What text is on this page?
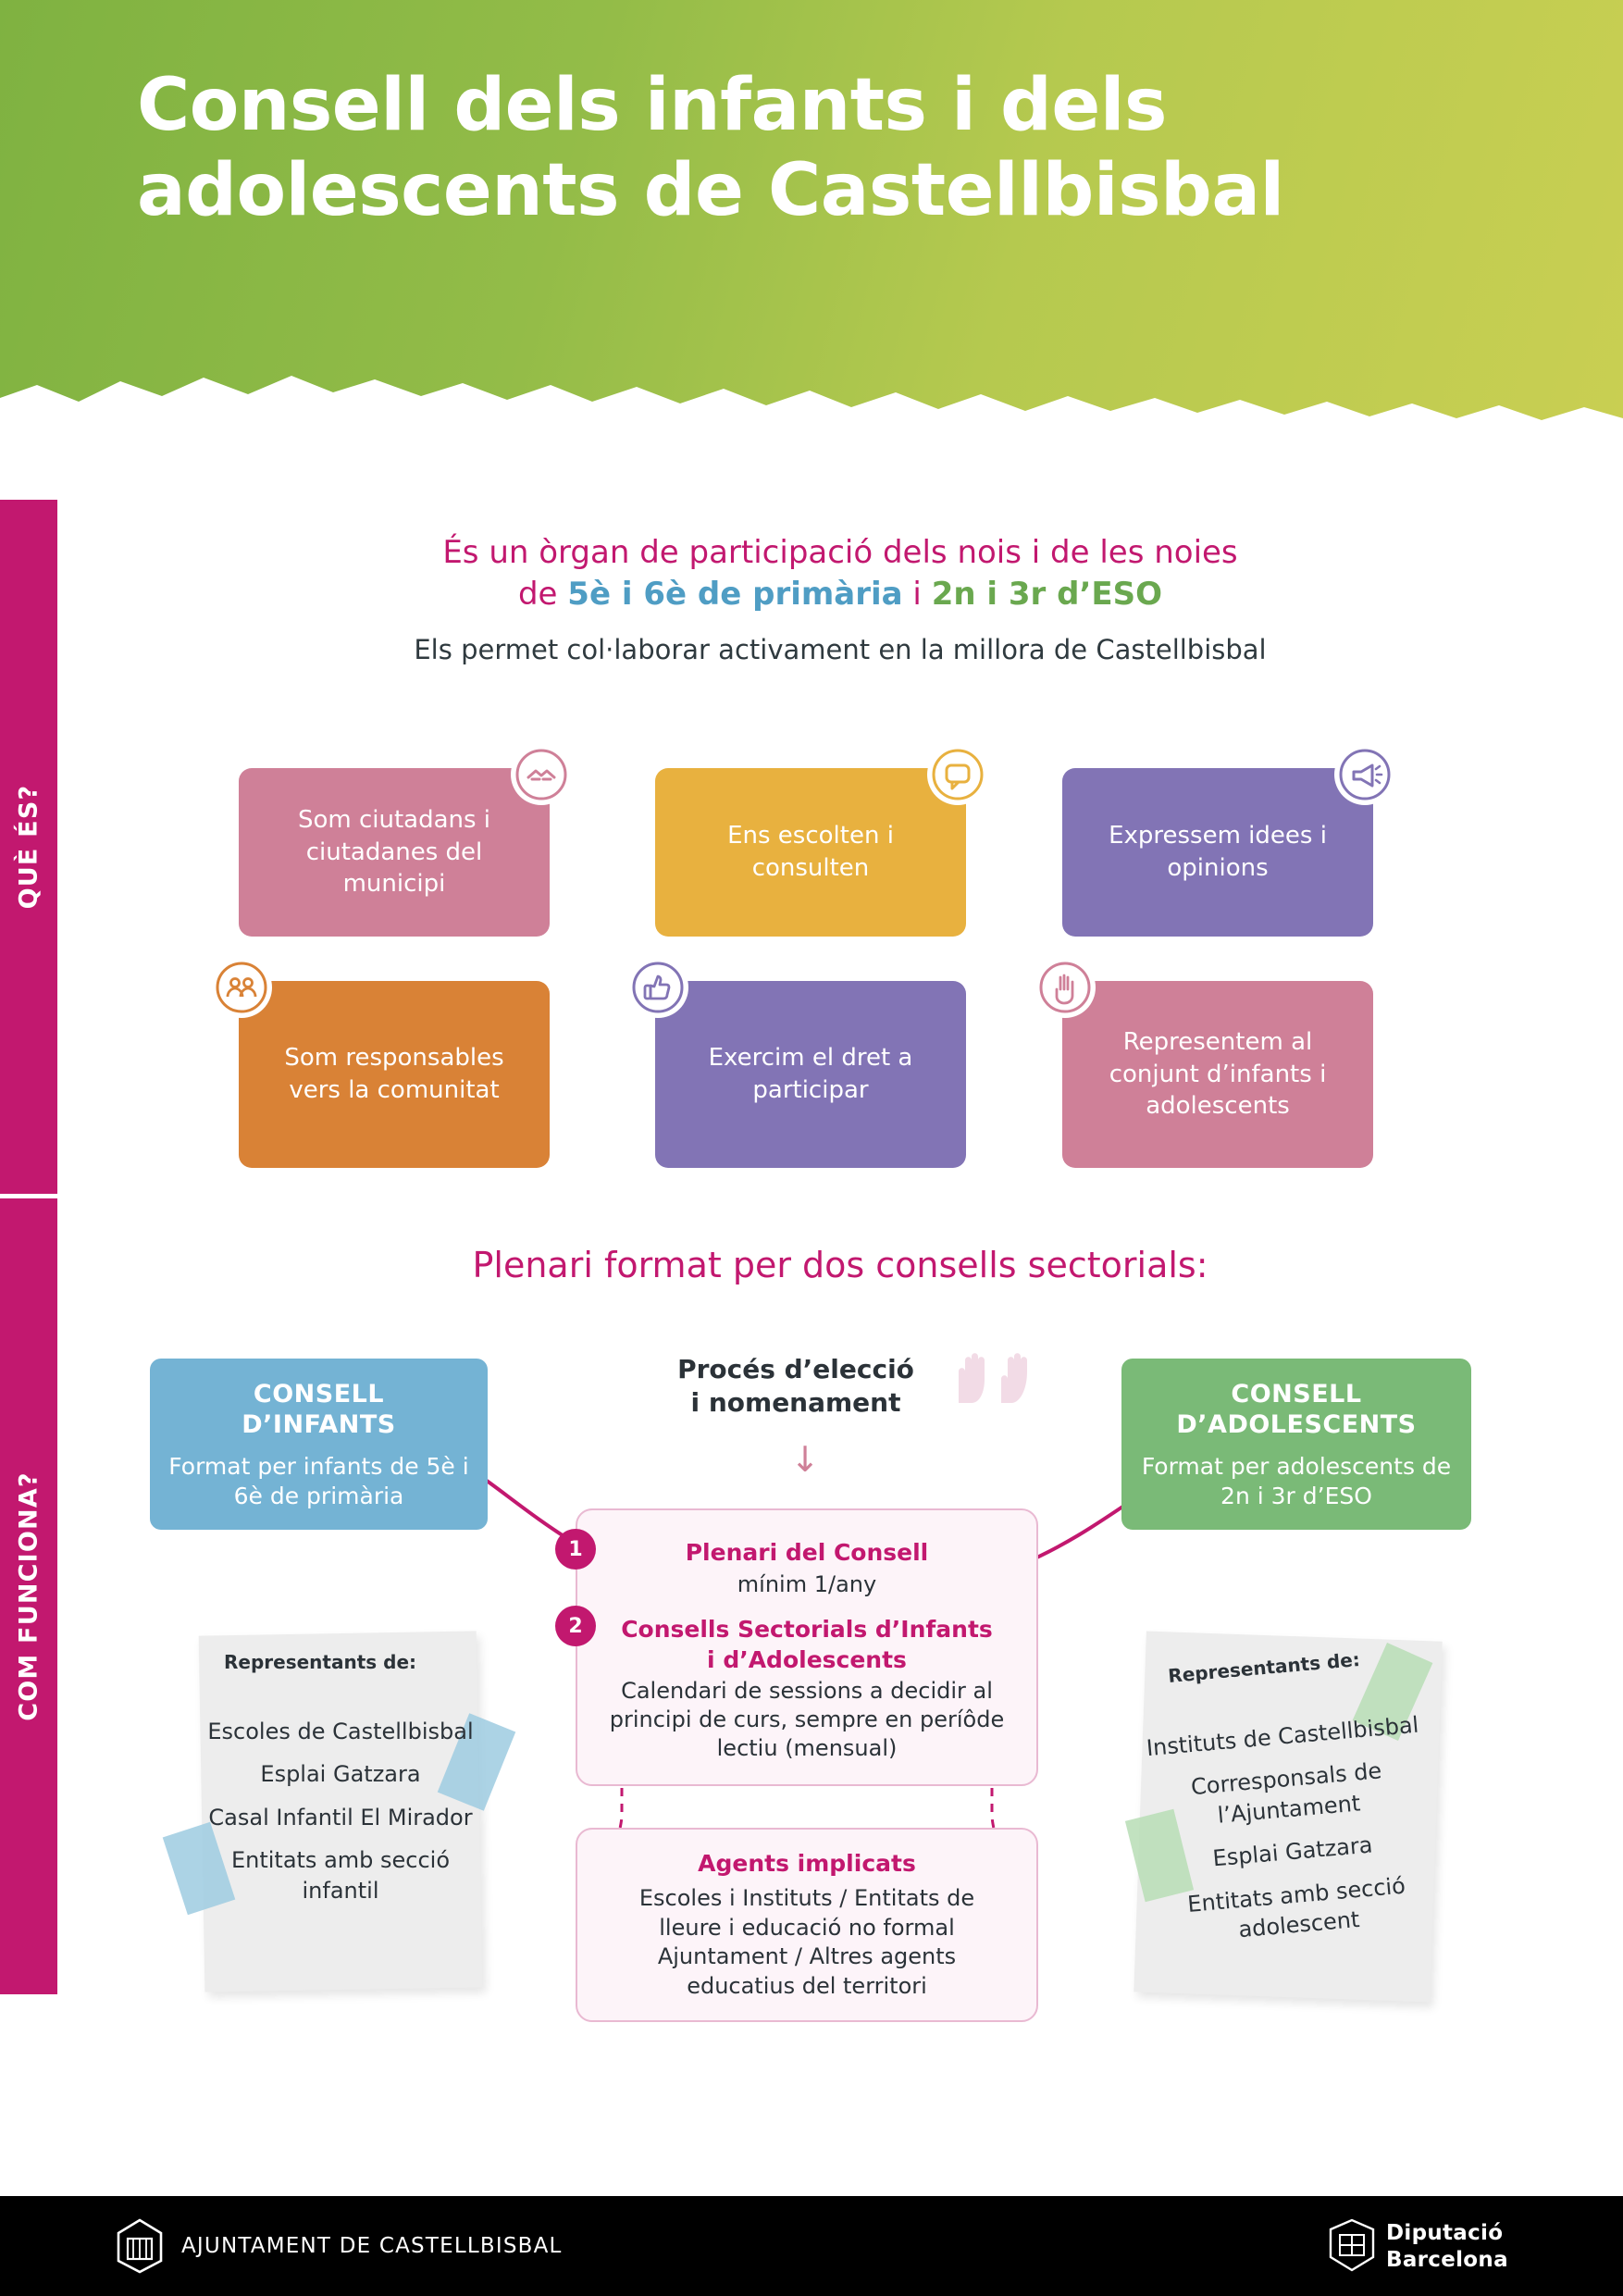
Consell dels infants i dels
adolescents de Castellbisbal
QUÈ ÉS?
COM FUNCIONA?
És un òrgan de participació dels nois i de les noies
de 5è i 6è de primària i 2n i 3r d’ESO
Els permet col·laborar activament en la millora de Castellbisbal
Som ciutadans i ciutadanes del municipi
Ens escolten i consulten
Expressem idees i opinions
Som responsables vers la comunitat
Exercim el dret a participar
Representem al conjunt d’infants i adolescents
Plenari format per dos consells sectorials:
CONSELL
D’INFANTS
Format per infants de 5è i 6è de primària
CONSELL
D’ADOLESCENTS
Format per adolescents de 2n i 3r d’ESO
Procés d’elecció
i nomenament
↓
1
2
Plenari del Consell
mínim 1/any
Consells Sectorials d’Infants
i d’Adolescents
Calendari de sessions a decidir al principi de curs, sempre en períôde lectiu (mensual)
Agents implicats
Escoles i Instituts / Entitats de lleure i educació no formal Ajuntament / Altres agents educatius del territori
Representants de:
Escoles de Castellbisbal
Esplai Gatzara
Casal Infantil El Mirador
Entitats amb secció infantil
Representants de:
Instituts de Castellbisbal
Corresponsals de l’Ajuntament
Esplai Gatzara
Entitats amb secció adolescent
AJUNTAMENT DE CASTELLBISBAL
Diputació
Barcelona
